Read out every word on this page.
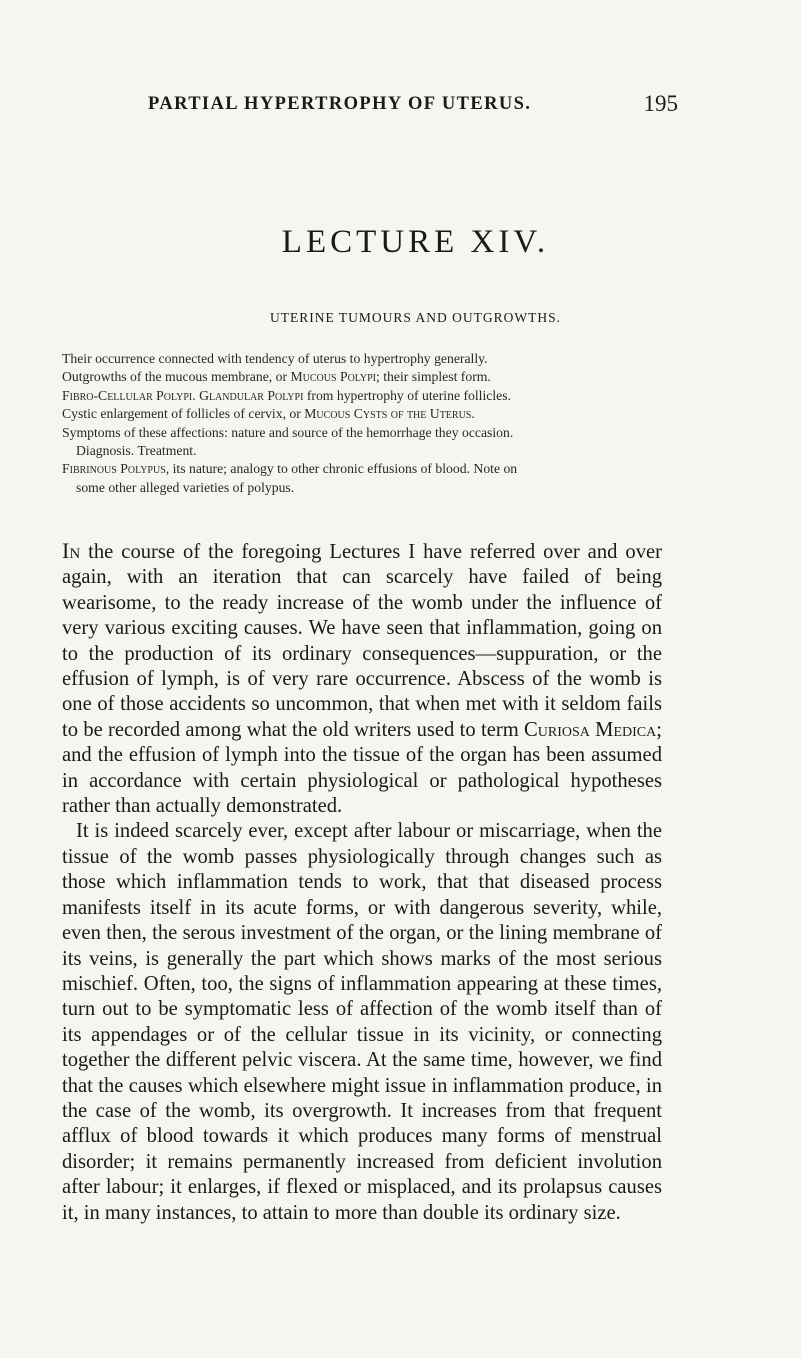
PARTIAL HYPERTROPHY OF UTERUS.	195
LECTURE XIV.
UTERINE TUMOURS AND OUTGROWTHS.
Their occurrence connected with tendency of uterus to hypertrophy generally.
Outgrowths of the mucous membrane, or Mucous Polypi; their simplest form.
Fibro-Cellular Polypi. Glandular Polypi from hypertrophy of uterine follicles.
Cystic enlargement of follicles of cervix, or Mucous Cysts of the Uterus.
Symptoms of these affections: nature and source of the hemorrhage they occasion.
Diagnosis. Treatment.
Fibrinous Polypus, its nature; analogy to other chronic effusions of blood. Note on
some other alleged varieties of polypus.

In the course of the foregoing Lectures I have referred over and over again, with an iteration that can scarcely have failed of being wearisome, to the ready increase of the womb under the influence of very various exciting causes. We have seen that inflammation, going on to the production of its ordinary consequences—suppuration, or the effusion of lymph, is of very rare occurrence. Abscess of the womb is one of those accidents so uncommon, that when met with it seldom fails to be recorded among what the old writers used to term Curiosa Medica; and the effusion of lymph into the tissue of the organ has been assumed in accordance with certain physiological or pathological hypotheses rather than actually demonstrated.

It is indeed scarcely ever, except after labour or miscarriage, when the tissue of the womb passes physiologically through changes such as those which inflammation tends to work, that that diseased process manifests itself in its acute forms, or with dangerous severity, while, even then, the serous investment of the organ, or the lining membrane of its veins, is generally the part which shows marks of the most serious mischief. Often, too, the signs of inflammation appearing at these times, turn out to be symptomatic less of affection of the womb itself than of its appendages or of the cellular tissue in its vicinity, or connecting together the different pelvic viscera. At the same time, however, we find that the causes which elsewhere might issue in inflammation produce, in the case of the womb, its overgrowth. It increases from that frequent afflux of blood towards it which produces many forms of menstrual disorder; it remains permanently increased from deficient involution after labour; it enlarges, if flexed or misplaced, and its prolapsus causes it, in many instances, to attain to more than double its ordinary size.
